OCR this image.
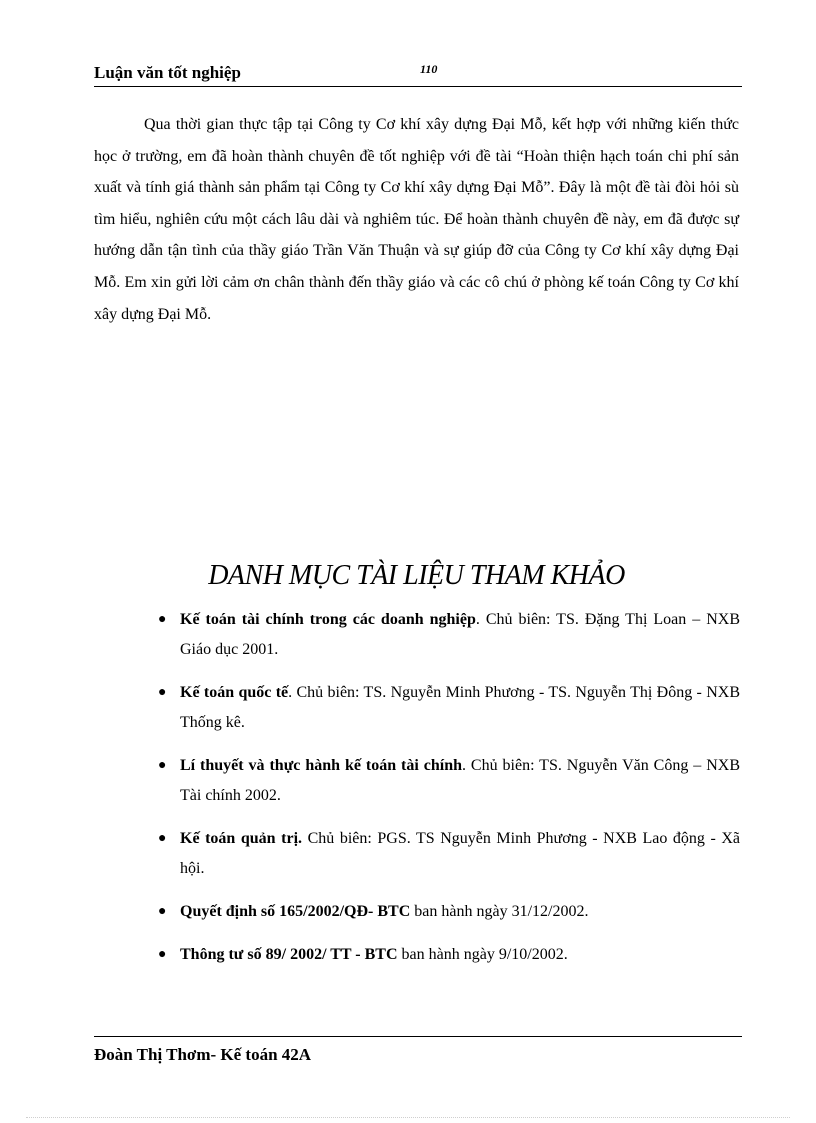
Luận văn tốt nghiệp	110

Qua thời gian thực tập tại Công ty Cơ khí xây dựng Đại Mỗ, kết hợp với những kiến thức học ở trường, em đã hoàn thành chuyên đề tốt nghiệp với đề tài “Hoàn thiện hạch toán chi phí sản xuất và tính giá thành sản phẩm tại Công ty Cơ khí xây dựng Đại Mỗ”. Đây là một đề tài đòi hỏi sù tìm hiểu, nghiên cứu một cách lâu dài và nghiêm túc. Để hoàn thành chuyên đề này, em đã được sự hướng dẫn tận tình của thầy giáo Trần Văn Thuận và sự giúp đỡ của Công ty Cơ khí xây dựng Đại Mỗ. Em xin gửi lời cảm ơn chân thành đến thầy giáo và các cô chú ở phòng kế toán Công ty Cơ khí xây dựng Đại Mỗ.

DANH MỤC TÀI LIỆU THAM KHẢO
● Kế toán tài chính trong các doanh nghiệp. Chủ biên: TS. Đặng Thị Loan – NXB Giáo dục 2001.
● Kế toán quốc tế. Chủ biên: TS. Nguyễn Minh Phương - TS. Nguyễn Thị Đông - NXB Thống kê.
● Lí thuyết và thực hành kế toán tài chính. Chủ biên: TS. Nguyễn Văn Công – NXB Tài chính 2002.
● Kế toán quản trị. Chủ biên: PGS. TS Nguyễn Minh Phương - NXB Lao động - Xã hội.
● Quyết định số 165/2002/QĐ- BTC ban hành ngày 31/12/2002.
● Thông tư số 89/ 2002/ TT - BTC ban hành ngày 9/10/2002.
Đoàn Thị Thơm- Kế toán 42A
